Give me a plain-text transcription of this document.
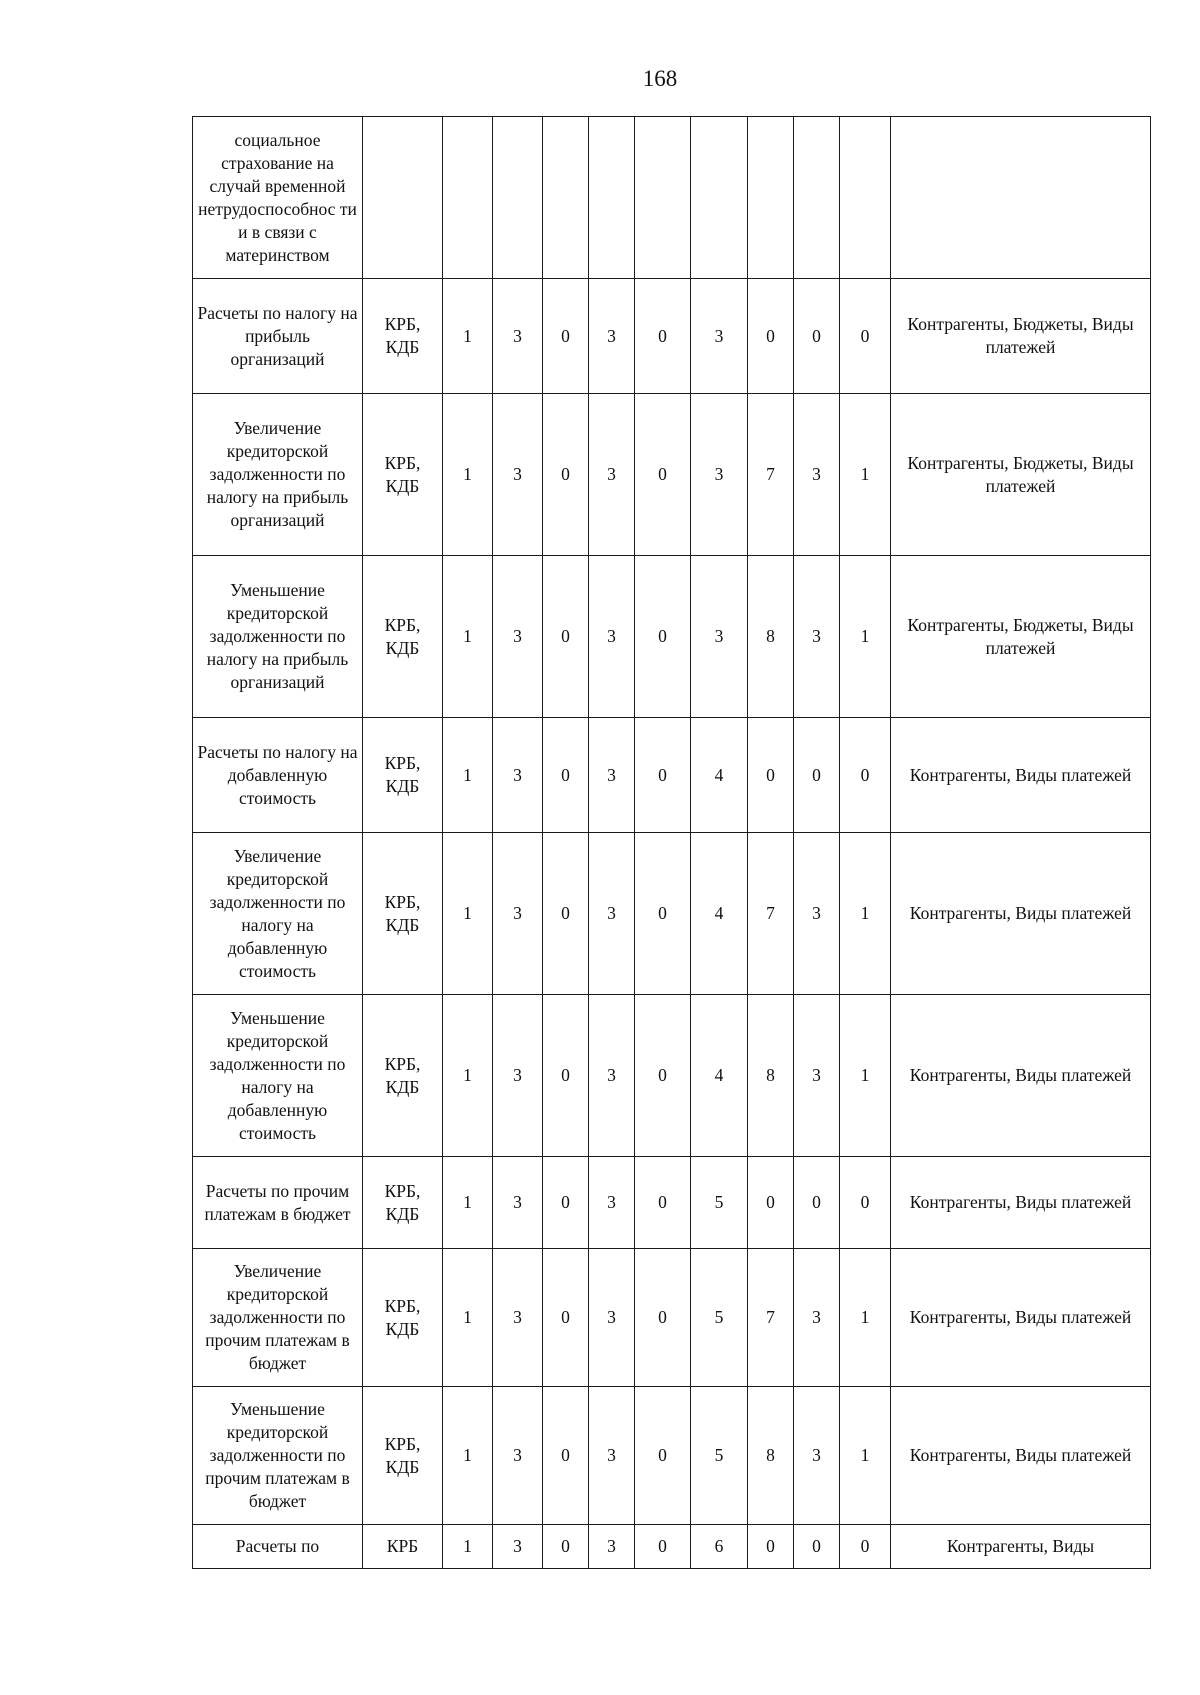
168
социальное страхование на случай временной нетрудоспособнос ти и в связи с материнством											
Расчеты по налогу на прибыль организаций	КРБ, КДБ	1	3	0	3	0	3	0	0	0	Контрагенты, Бюджеты, Виды платежей
Увеличение кредиторской задолженности по налогу на прибыль организаций	КРБ, КДБ	1	3	0	3	0	3	7	3	1	Контрагенты, Бюджеты, Виды платежей
Уменьшение кредиторской задолженности по налогу на прибыль организаций	КРБ, КДБ	1	3	0	3	0	3	8	3	1	Контрагенты, Бюджеты, Виды платежей
Расчеты по налогу на добавленную стоимость	КРБ, КДБ	1	3	0	3	0	4	0	0	0	Контрагенты, Виды платежей
Увеличение кредиторской задолженности по налогу на добавленную стоимость	КРБ, КДБ	1	3	0	3	0	4	7	3	1	Контрагенты, Виды платежей
Уменьшение кредиторской задолженности по налогу на добавленную стоимость	КРБ, КДБ	1	3	0	3	0	4	8	3	1	Контрагенты, Виды платежей
Расчеты по прочим платежам в бюджет	КРБ, КДБ	1	3	0	3	0	5	0	0	0	Контрагенты, Виды платежей
Увеличение кредиторской задолженности по прочим платежам в бюджет	КРБ, КДБ	1	3	0	3	0	5	7	3	1	Контрагенты, Виды платежей
Уменьшение кредиторской задолженности по прочим платежам в бюджет	КРБ, КДБ	1	3	0	3	0	5	8	3	1	Контрагенты, Виды платежей
Расчеты по	КРБ	1	3	0	3	0	6	0	0	0	Контрагенты, Виды
